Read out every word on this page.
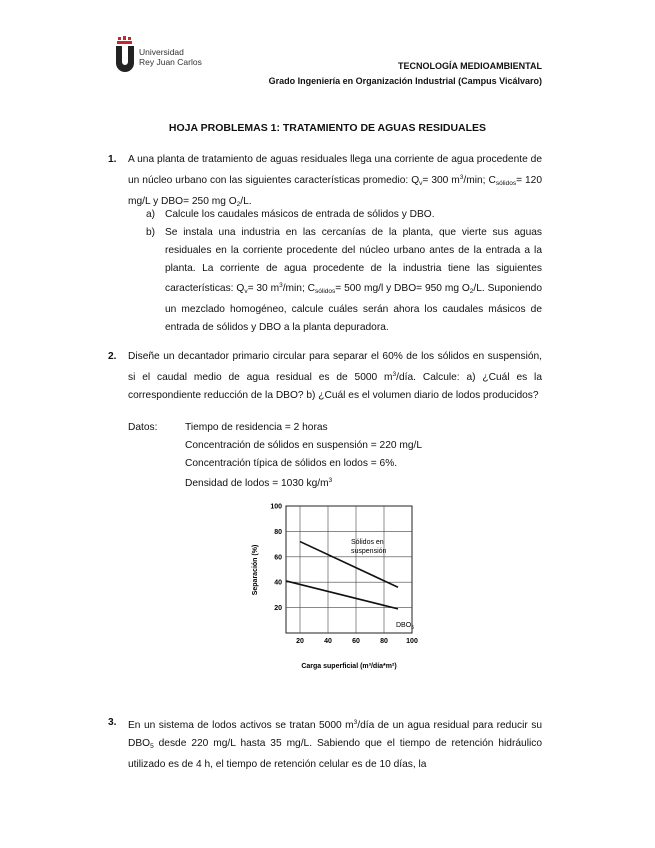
Universidad
Rey Juan Carlos	TECNOLOGÍA MEDIOAMBIENTAL
Grado Ingeniería en Organización Industrial (Campus Vicálvaro)
HOJA PROBLEMAS 1: TRATAMIENTO DE AGUAS RESIDUALES
1. A una planta de tratamiento de aguas residuales llega una corriente de agua procedente de un núcleo urbano con las siguientes características promedio: $Q_v= 300$ $m^3/\min$; $C_{sólidos}= 120$ mg/L y DBO= 250 mg $O_2/L$.
a) Calcule los caudales másicos de entrada de sólidos y DBO.
b) Se instala una industria en las cercanías de la planta, que vierte sus aguas residuales en la corriente procedente del núcleo urbano antes de la entrada a la planta. La corriente de agua procedente de la industria tiene las siguientes características: $Q_v= 30$ $m^3/\min$; $C_{sólidos}= 500$ mg/l y DBO= 950 mg $O_2/L$. Suponiendo un mezclado homogéneo, calcule cuáles serán ahora los caudales másicos de entrada de sólidos y DBO a la planta depuradora.
2. Diseñe un decantador primario circular para separar el 60% de los sólidos en suspensión, si el caudal medio de agua residual es de 5000 $m^3$/día. Calcule: a) ¿Cuál es la correspondiente reducción de la DBO? b) ¿Cuál es el volumen diario de lodos producidos?
Datos:	Tiempo de residencia = 2 horas
Concentración de sólidos en suspensión = 220 mg/L
Concentración típica de sólidos en lodos = 6%.
Densidad de lodos = 1030 $kg/m^3$
20	40	60	80	100
20
40
60
80
100
Separación (%)
Carga superficial (m³/día*m²)
Sólidos en
suspensión
$DBO_5$
3. En un sistema de lodos activos se tratan 5000 $m^3$/día de un agua residual para reducir su $DBO_5$ desde 220 mg/L hasta 35 mg/L. Sabiendo que el tiempo de retención hidráulico utilizado es de 4 h, el tiempo de retención celular es de 10 días, la
